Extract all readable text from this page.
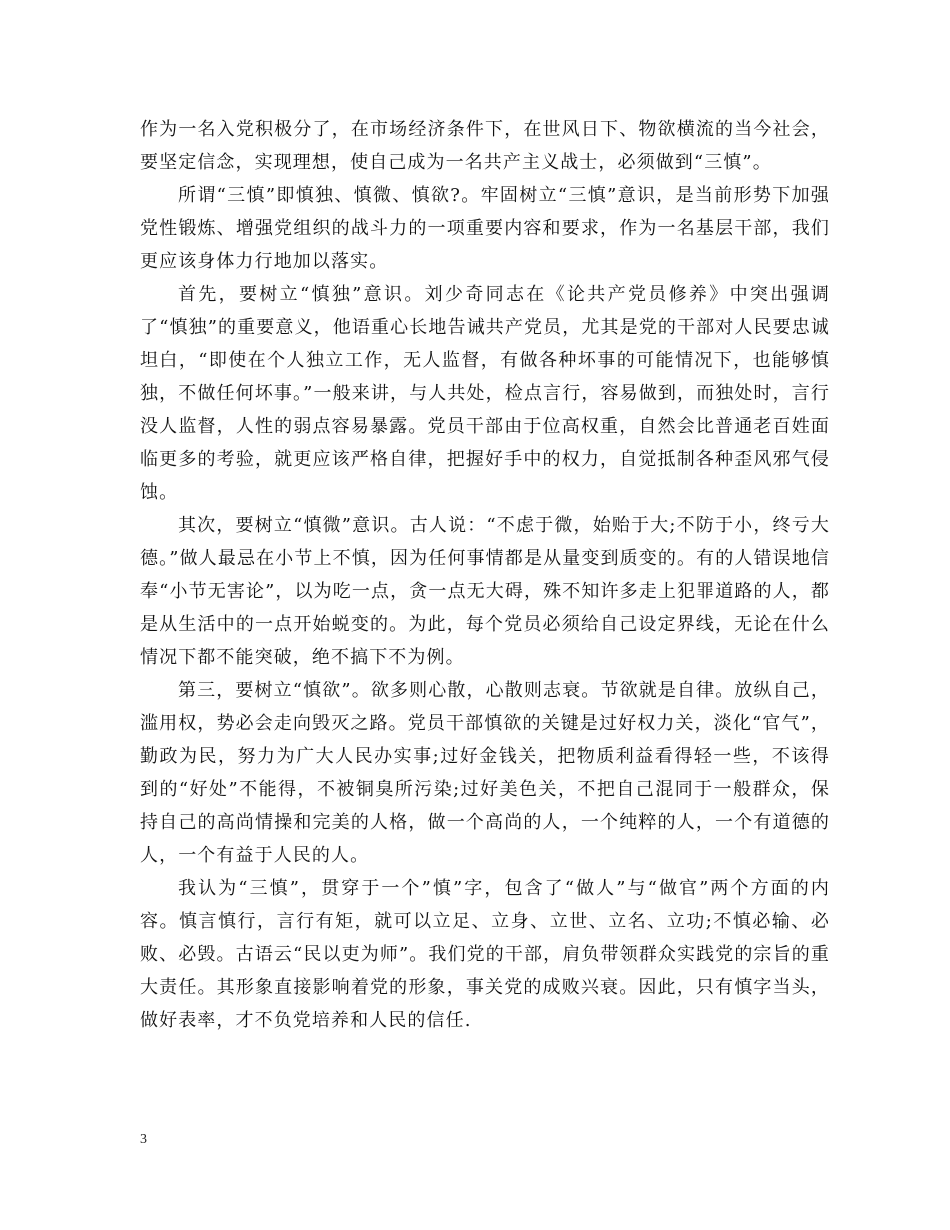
作为一名入党积极分了，在市场经济条件下，在世风日下、物欲横流的当今社会，要坚定信念，实现理想，使自己成为一名共产主义战士，必须做到“三慎”。

所谓“三慎”即慎独、慎微、慎欲?。牢固树立“三慎”意识，是当前形势下加强党性锻炼、增强党组织的战斗力的一项重要内容和要求，作为一名基层干部，我们更应该身体力行地加以落实。

首先，要树立“慎独”意识。刘少奇同志在《论共产党员修养》中突出强调了“慎独”的重要意义，他语重心长地告诫共产党员，尤其是党的干部对人民要忠诚坦白，“即使在个人独立工作，无人监督，有做各种坏事的可能情况下，也能够慎独，不做任何坏事。”一般来讲，与人共处，检点言行，容易做到，而独处时，言行没人监督，人性的弱点容易暴露。党员干部由于位高权重，自然会比普通老百姓面临更多的考验，就更应该严格自律，把握好手中的权力，自觉抵制各种歪风邪气侵蚀。

其次，要树立“慎微”意识。古人说：“不虑于微，始贻于大;不防于小，终亏大德。”做人最忌在小节上不慎，因为任何事情都是从量变到质变的。有的人错误地信奉“小节无害论”，以为吃一点，贪一点无大碍，殊不知许多走上犯罪道路的人，都是从生活中的一点开始蜕变的。为此，每个党员必须给自己设定界线，无论在什么情况下都不能突破，绝不搞下不为例。

第三，要树立“慎欲”。欲多则心散，心散则志衰。节欲就是自律。放纵自己，滥用权，势必会走向毁灭之路。党员干部慎欲的关键是过好权力关，淡化“官气”，勤政为民，努力为广大人民办实事;过好金钱关，把物质利益看得轻一些，不该得到的“好处”不能得，不被铜臭所污染;过好美色关，不把自己混同于一般群众，保持自己的高尚情操和完美的人格，做一个高尚的人，一个纯粹的人，一个有道德的人，一个有益于人民的人。

我认为“三慎”，贯穿于一个”慎”字，包含了“做人”与“做官”两个方面的内容。慎言慎行，言行有矩，就可以立足、立身、立世、立名、立功;不慎必输、必败、必毁。古语云“民以吏为师”。我们党的干部，肩负带领群众实践党的宗旨的重大责任。其形象直接影响着党的形象，事关党的成败兴衰。因此，只有慎字当头，做好表率，才不负党培养和人民的信任.

3
